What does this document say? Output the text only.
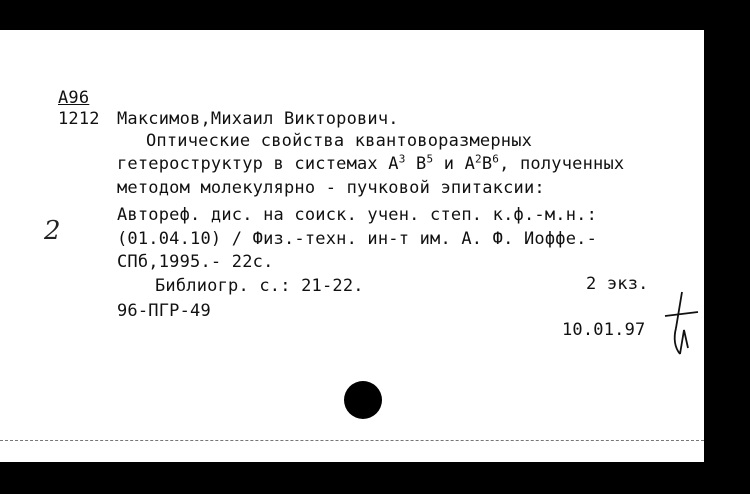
А96
1212 Максимов,Михаил Викторович.
Оптические свойства квантоворазмерных
гетероструктур в системах $А^3$ $В^5$ и $А^2В^6$, полученных
методом молекулярно - пучковой эпитаксии:
Автореф. дис. на соиск. учен. степ. к.ф.-м.н.:
(01.04.10) / Физ.-техн. ин-т им. А. Ф. Иоффе.-
СПб,1995.- 22с.
Библиогр. с.: 21-22.	2 экз.
96-ПГР-49
10.01.97
2
